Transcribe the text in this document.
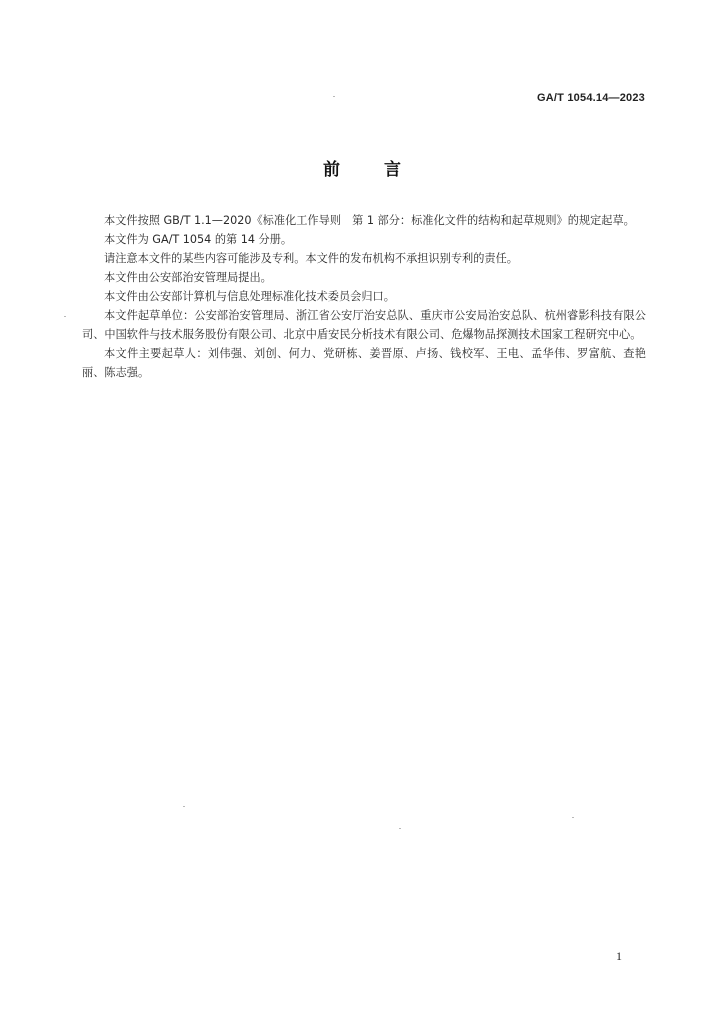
GA/T 1054.14—2023
前	言

本文件按照 GB/T 1.1—2020《标准化工作导则　第 1 部分：标准化文件的结构和起草规则》的规定起草。

本文件为 GA/T 1054 的第 14 分册。

请注意本文件的某些内容可能涉及专利。本文件的发布机构不承担识别专利的责任。

本文件由公安部治安管理局提出。

本文件由公安部计算机与信息处理标准化技术委员会归口。

本文件起草单位：公安部治安管理局、浙江省公安厅治安总队、重庆市公安局治安总队、杭州睿影科技有限公司、中国软件与技术服务股份有限公司、北京中盾安民分析技术有限公司、危爆物品探测技术国家工程研究中心。

本文件主要起草人：刘伟强、刘创、何力、党研栋、姜晋原、卢扬、钱校军、王电、孟华伟、罗富航、查艳丽、陈志强。

1
